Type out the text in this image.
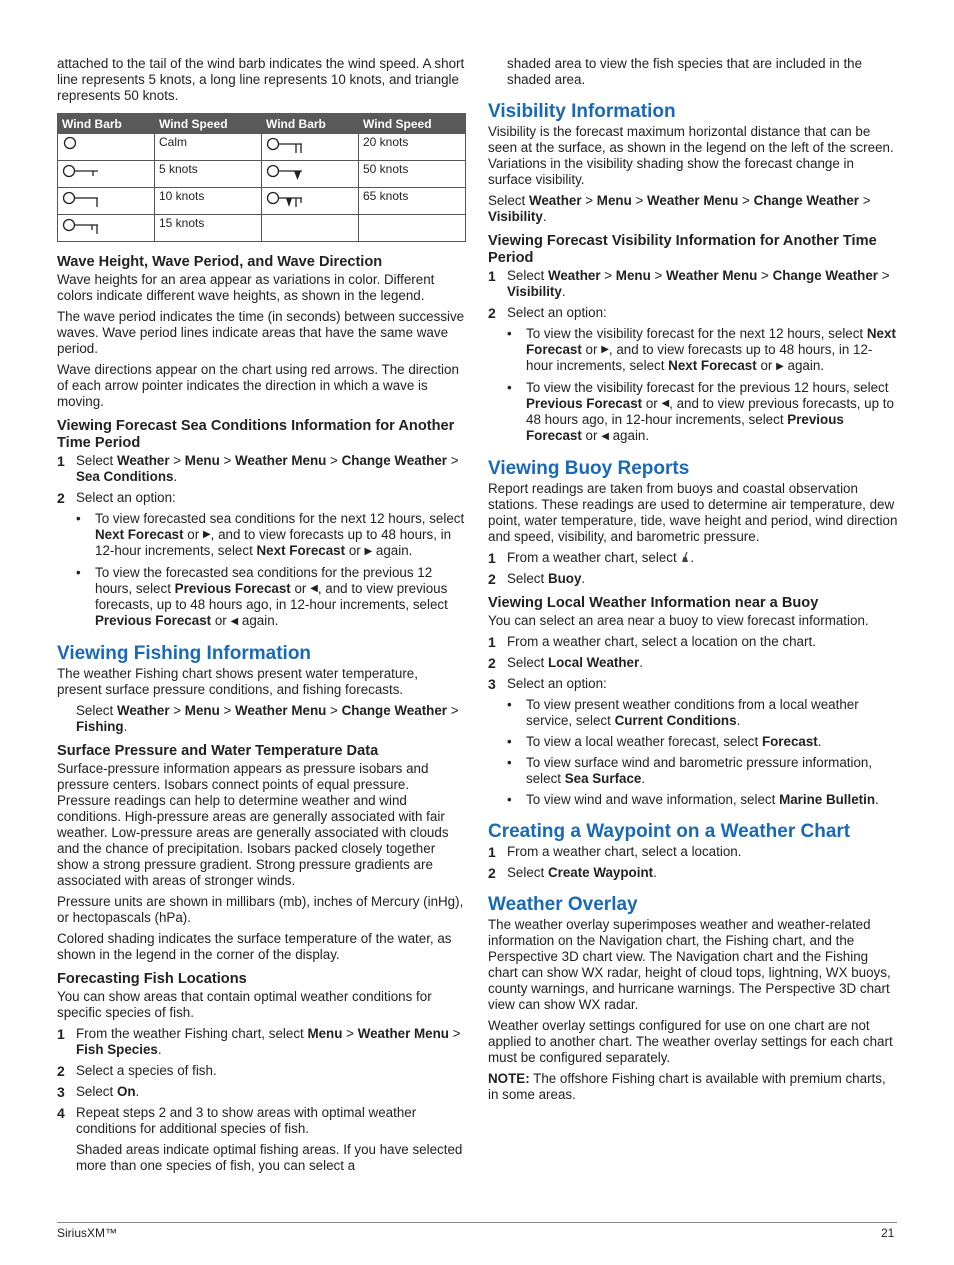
attached to the tail of the wind barb indicates the wind speed. A short line represents 5 knots, a long line represents 10 knots, and triangle represents 50 knots.

Wind Barb	Wind Speed	Wind Barb	Wind Speed
	Calm		20 knots
	5 knots		50 knots
	10 knots		65 knots
	15 knots		
Wave Height, Wave Period, and Wave Direction

Wave heights for an area appear as variations in color. Different colors indicate different wave heights, as shown in the legend.

The wave period indicates the time (in seconds) between successive waves. Wave period lines indicate areas that have the same wave period.

Wave directions appear on the chart using red arrows. The direction of each arrow pointer indicates the direction in which a wave is moving.

Viewing Forecast Sea Conditions Information for Another Time Period
1 Select Weather > Menu > Weather Menu > Change Weather > Sea Conditions.
2 Select an option:
• To view forecasted sea conditions for the next 12 hours, select Next Forecast or ▶, and to view forecasts up to 48 hours, in 12-hour increments, select Next Forecast or ▶ again.
• To view the forecasted sea conditions for the previous 12 hours, select Previous Forecast or ◀, and to view previous forecasts, up to 48 hours ago, in 12-hour increments, select Previous Forecast or ◀ again.
Viewing Fishing Information

The weather Fishing chart shows present water temperature, present surface pressure conditions, and fishing forecasts.

Select Weather > Menu > Weather Menu > Change Weather > Fishing.

Surface Pressure and Water Temperature Data

Surface-pressure information appears as pressure isobars and pressure centers. Isobars connect points of equal pressure. Pressure readings can help to determine weather and wind conditions. High-pressure areas are generally associated with fair weather. Low-pressure areas are generally associated with clouds and the chance of precipitation. Isobars packed closely together show a strong pressure gradient. Strong pressure gradients are associated with areas of stronger winds.

Pressure units are shown in millibars (mb), inches of Mercury (inHg), or hectopascals (hPa).

Colored shading indicates the surface temperature of the water, as shown in the legend in the corner of the display.

Forecasting Fish Locations

You can show areas that contain optimal weather conditions for specific species of fish.

1 From the weather Fishing chart, select Menu > Weather Menu > Fish Species.
2 Select a species of fish.
3 Select On.
4 Repeat steps 2 and 3 to show areas with optimal weather conditions for additional species of fish.

Shaded areas indicate optimal fishing areas. If you have selected more than one species of fish, you can select a

shaded area to view the fish species that are included in the shaded area.

Visibility Information

Visibility is the forecast maximum horizontal distance that can be seen at the surface, as shown in the legend on the left of the screen. Variations in the visibility shading show the forecast change in surface visibility.

Select Weather > Menu > Weather Menu > Change Weather > Visibility.

Viewing Forecast Visibility Information for Another Time Period
1 Select Weather > Menu > Weather Menu > Change Weather > Visibility.
2 Select an option:
• To view the visibility forecast for the next 12 hours, select Next Forecast or ▶, and to view forecasts up to 48 hours, in 12-hour increments, select Next Forecast or ▶ again.
• To view the visibility forecast for the previous 12 hours, select Previous Forecast or ◀, and to view previous forecasts, up to 48 hours ago, in 12-hour increments, select Previous Forecast or ◀ again.
Viewing Buoy Reports

Report readings are taken from buoys and coastal observation stations. These readings are used to determine air temperature, dew point, water temperature, tide, wave height and period, wind direction and speed, visibility, and barometric pressure.

1 From a weather chart, select .
2 Select Buoy.
Viewing Local Weather Information near a Buoy

You can select an area near a buoy to view forecast information.

1 From a weather chart, select a location on the chart.
2 Select Local Weather.
3 Select an option:
• To view present weather conditions from a local weather service, select Current Conditions.
• To view a local weather forecast, select Forecast.
• To view surface wind and barometric pressure information, select Sea Surface.
• To view wind and wave information, select Marine Bulletin.
Creating a Waypoint on a Weather Chart
1 From a weather chart, select a location.
2 Select Create Waypoint.
Weather Overlay

The weather overlay superimposes weather and weather-related information on the Navigation chart, the Fishing chart, and the Perspective 3D chart view. The Navigation chart and the Fishing chart can show WX radar, height of cloud tops, lightning, WX buoys, county warnings, and hurricane warnings. The Perspective 3D chart view can show WX radar.

Weather overlay settings configured for use on one chart are not applied to another chart. The weather overlay settings for each chart must be configured separately.

NOTE: The offshore Fishing chart is available with premium charts, in some areas.

SiriusXM™	21
